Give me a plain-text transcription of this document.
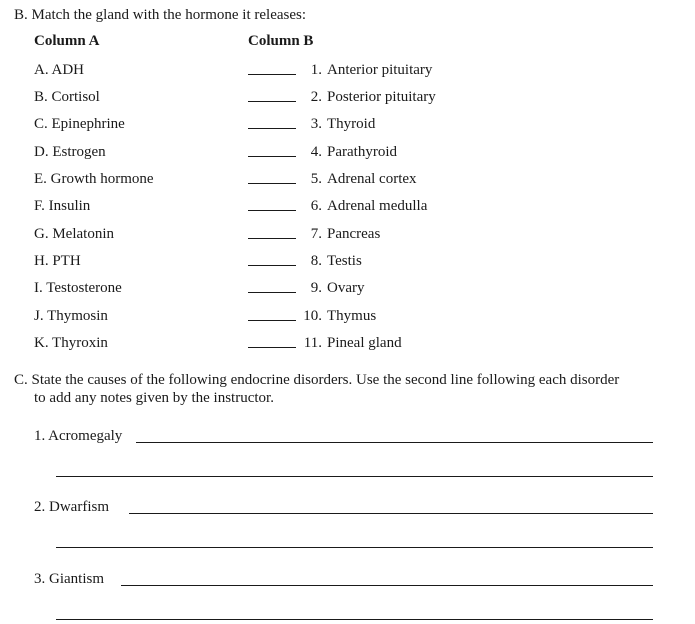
B. Match the gland with the hormone it releases:
Column A	Column B
A. ADH	1. Anterior pituitary
B. Cortisol	2. Posterior pituitary
C. Epinephrine	3. Thyroid
D. Estrogen	4. Parathyroid
E. Growth hormone	5. Adrenal cortex
F. Insulin	6. Adrenal medulla
G. Melatonin	7. Pancreas
H. PTH	8. Testis
I. Testosterone	9. Ovary
J. Thymosin	10. Thymus
K. Thyroxin	11. Pineal gland
C. State the causes of the following endocrine disorders. Use the second line following each disorder
to add any notes given by the instructor.
1. Acromegaly
2. Dwarfism
3. Giantism
